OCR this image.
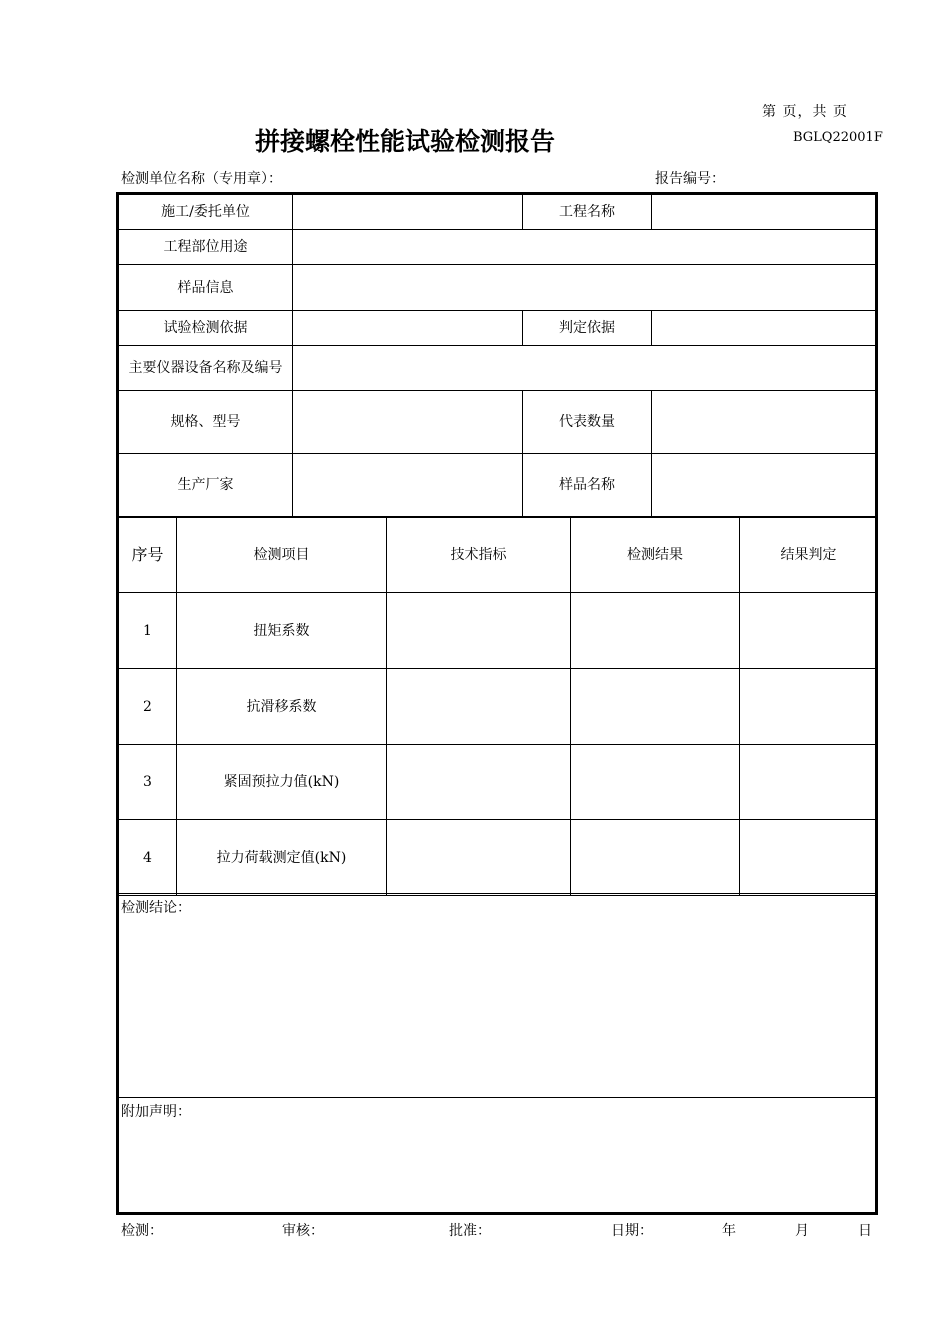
第 页，共 页
拼接螺栓性能试验检测报告	BGLQ22001F
检测单位名称（专用章）：	报告编号：
施工/委托单位		工程名称	
工程部位用途			
样品信息			
试验检测依据		判定依据	
主要仪器设备名称及编号			
规格、型号		代表数量	
生产厂家		样品名称	
序号	检测项目	技术指标	检测结果	结果判定
1	扭矩系数			
2	抗滑移系数			
3	紧固预拉力值(kN)			
4	拉力荷载测定值(kN)			
检测结论：
附加声明：
检测：	审核：	批准：	日期：	年	月	日
